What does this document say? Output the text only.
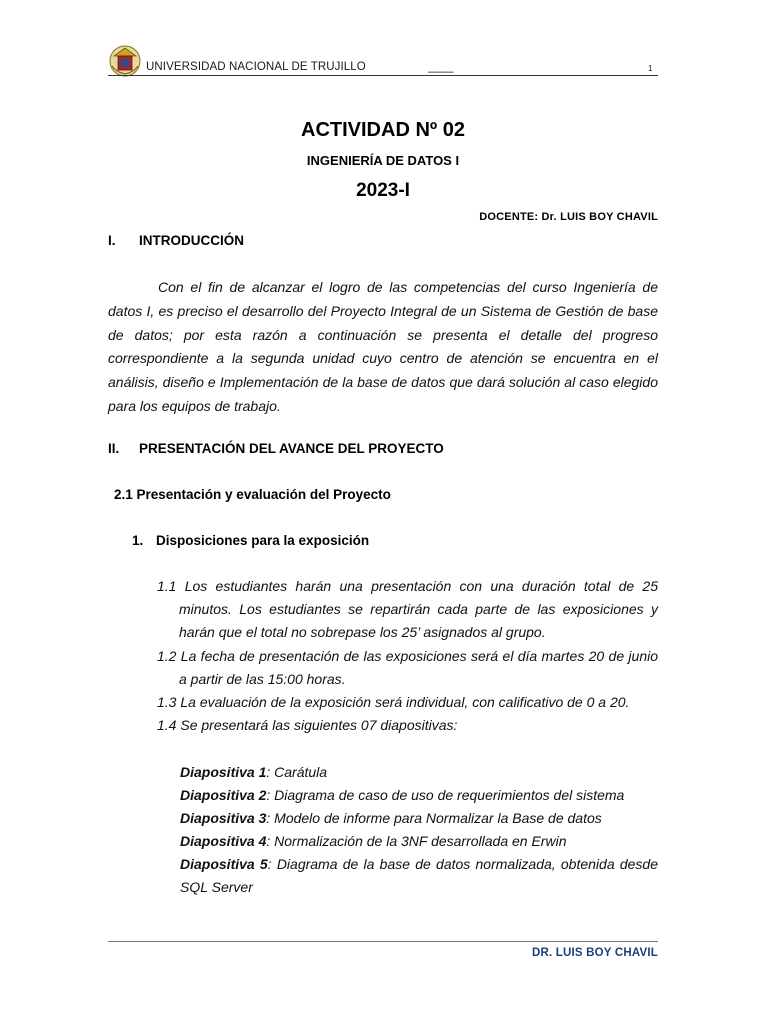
UNIVERSIDAD NACIONAL DE TRUJILLO	____	1
ACTIVIDAD Nº 02
INGENIERÍA DE DATOS I
2023-I
DOCENTE: Dr. LUIS BOY CHAVIL
I. INTRODUCCIÓN
Con el fin de alcanzar el logro de las competencias del curso Ingeniería de datos I, es preciso el desarrollo del Proyecto Integral de un Sistema de Gestión de base de datos; por esta razón a continuación se presenta el detalle del progreso correspondiente a la segunda unidad cuyo centro de atención se encuentra en el análisis, diseño e Implementación de la base de datos que dará solución al caso elegido para los equipos de trabajo.
II. PRESENTACIÓN DEL AVANCE DEL PROYECTO
2.1 Presentación y evaluación del Proyecto
1. Disposiciones para la exposición
1.1 Los estudiantes harán una presentación con una duración total de 25 minutos. Los estudiantes se repartirán cada parte de las exposiciones y harán que el total no sobrepase los 25’ asignados al grupo.
1.2 La fecha de presentación de las exposiciones será el día martes 20 de junio a partir de las 15:00 horas.
1.3 La evaluación de la exposición será individual, con calificativo de 0 a 20.
1.4 Se presentará las siguientes 07 diapositivas:
Diapositiva 1: Carátula
Diapositiva 2: Diagrama de caso de uso de requerimientos del sistema
Diapositiva 3: Modelo de informe para Normalizar la Base de datos
Diapositiva 4: Normalización de la 3NF desarrollada en Erwin
Diapositiva 5: Diagrama de la base de datos normalizada, obtenida desde SQL Server
DR. LUIS BOY CHAVIL
